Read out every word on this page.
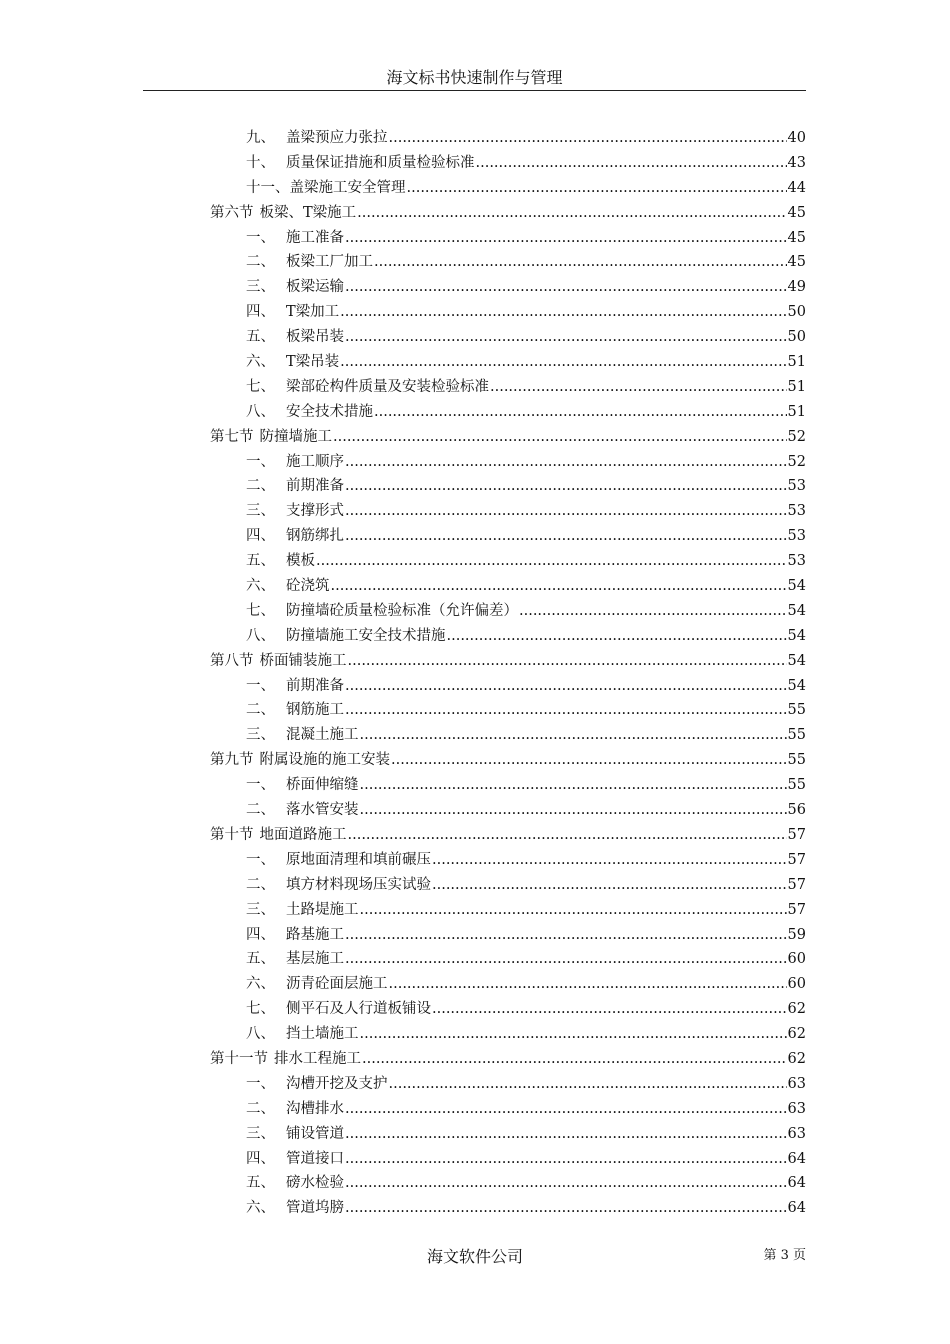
海文标书快速制作与管理
九、 盖梁预应力张拉 .....	40
十、 质量保证措施和质量检验标准 .....	43
十一、 盖梁施工安全管理 .....	44
第六节 板梁、T梁施工 .....	45
一、 施工准备 .....	45
二、 板梁工厂加工 .....	45
三、 板梁运输 .....	49
四、 T梁加工 .....	50
五、 板梁吊装 .....	50
六、 T梁吊装 .....	51
七、 梁部砼构件质量及安装检验标准 .....	51
八、 安全技术措施 .....	51
第七节 防撞墙施工 .....	52
一、 施工顺序 .....	52
二、 前期准备 .....	53
三、 支撑形式 .....	53
四、 钢筋绑扎 .....	53
五、 模板 .....	53
六、 砼浇筑 .....	54
七、 防撞墙砼质量检验标准（允许偏差） .....	54
八、 防撞墙施工安全技术措施 .....	54
第八节 桥面铺装施工 .....	54
一、 前期准备 .....	54
二、 钢筋施工 .....	55
三、 混凝土施工 .....	55
第九节 附属设施的施工安装 .....	55
一、 桥面伸缩缝 .....	55
二、 落水管安装 .....	56
第十节 地面道路施工 .....	57
一、 原地面清理和填前碾压 .....	57
二、 填方材料现场压实试验 .....	57
三、 土路堤施工 .....	57
四、 路基施工 .....	59
五、 基层施工 .....	60
六、 沥青砼面层施工 .....	60
七、 侧平石及人行道板铺设 .....	62
八、 挡土墙施工 .....	62
第十一节 排水工程施工 .....	62
一、 沟槽开挖及支护 .....	63
二、 沟槽排水 .....	63
三、 铺设管道 .....	63
四、 管道接口 .....	64
五、 磅水检验 .....	64
六、 管道坞膀 .....	64
海文软件公司	第 3 页
